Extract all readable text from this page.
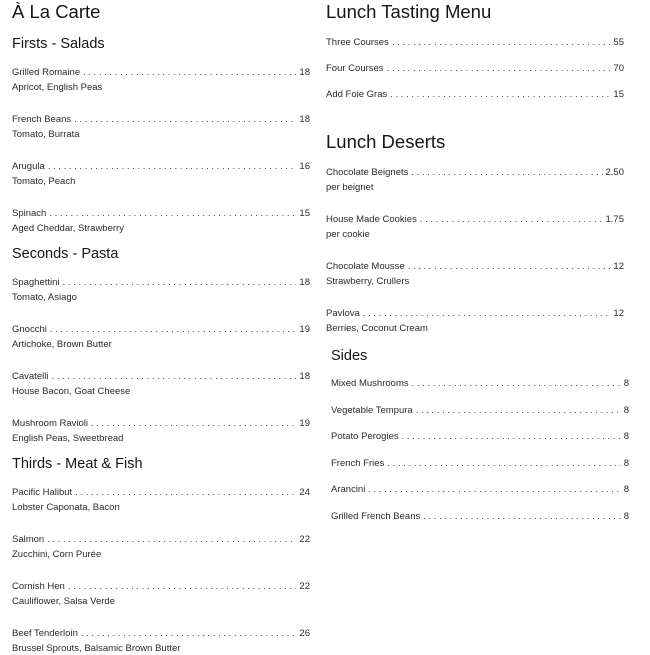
À La Carte
Firsts - Salads
Grilled Romaine . . .	18
Apricot, English Peas
French Beans . . .	18
Tomato, Burrata
Arugula . . .	16
Tomato, Peach
Spinach . . .	15
Aged Cheddar, Strawberry
Seconds - Pasta
Spaghettini . . .	18
Tomato, Asiago
Gnocchi . . .	19
Artichoke, Brown Butter
Cavatelli . . .	18
House Bacon, Goat Cheese
Mushroom Ravioli . . .	19
English Peas, Sweetbread
Thirds - Meat & Fish
Pacific Halibut . . .	24
Lobster Caponata, Bacon
Salmon . . .	22
Zucchini, Corn Purée
Cornish Hen . . .	22
Cauliflower, Salsa Verde
Beef Tenderloin . . .	26
Brussel Sprouts, Balsamic Brown Butter
Lunch Tasting Menu
Three Courses . . .	55
Four Courses . . .	70
Add Foie Gras . . .	15
Lunch Deserts
Chocolate Beignets . . .	2.50
per beignet
House Made Cookies . . .	1.75
per cookie
Chocolate Mousse . . .	12
Strawberry, Crullers
Pavlova . . .	12
Berries, Coconut Cream
Sides
Mixed Mushrooms . . .	8
Vegetable Tempura . . .	8
Potato Perogies . . .	8
French Fries . . .	8
Arancini . . .	8
Grilled French Beans . . .	8
